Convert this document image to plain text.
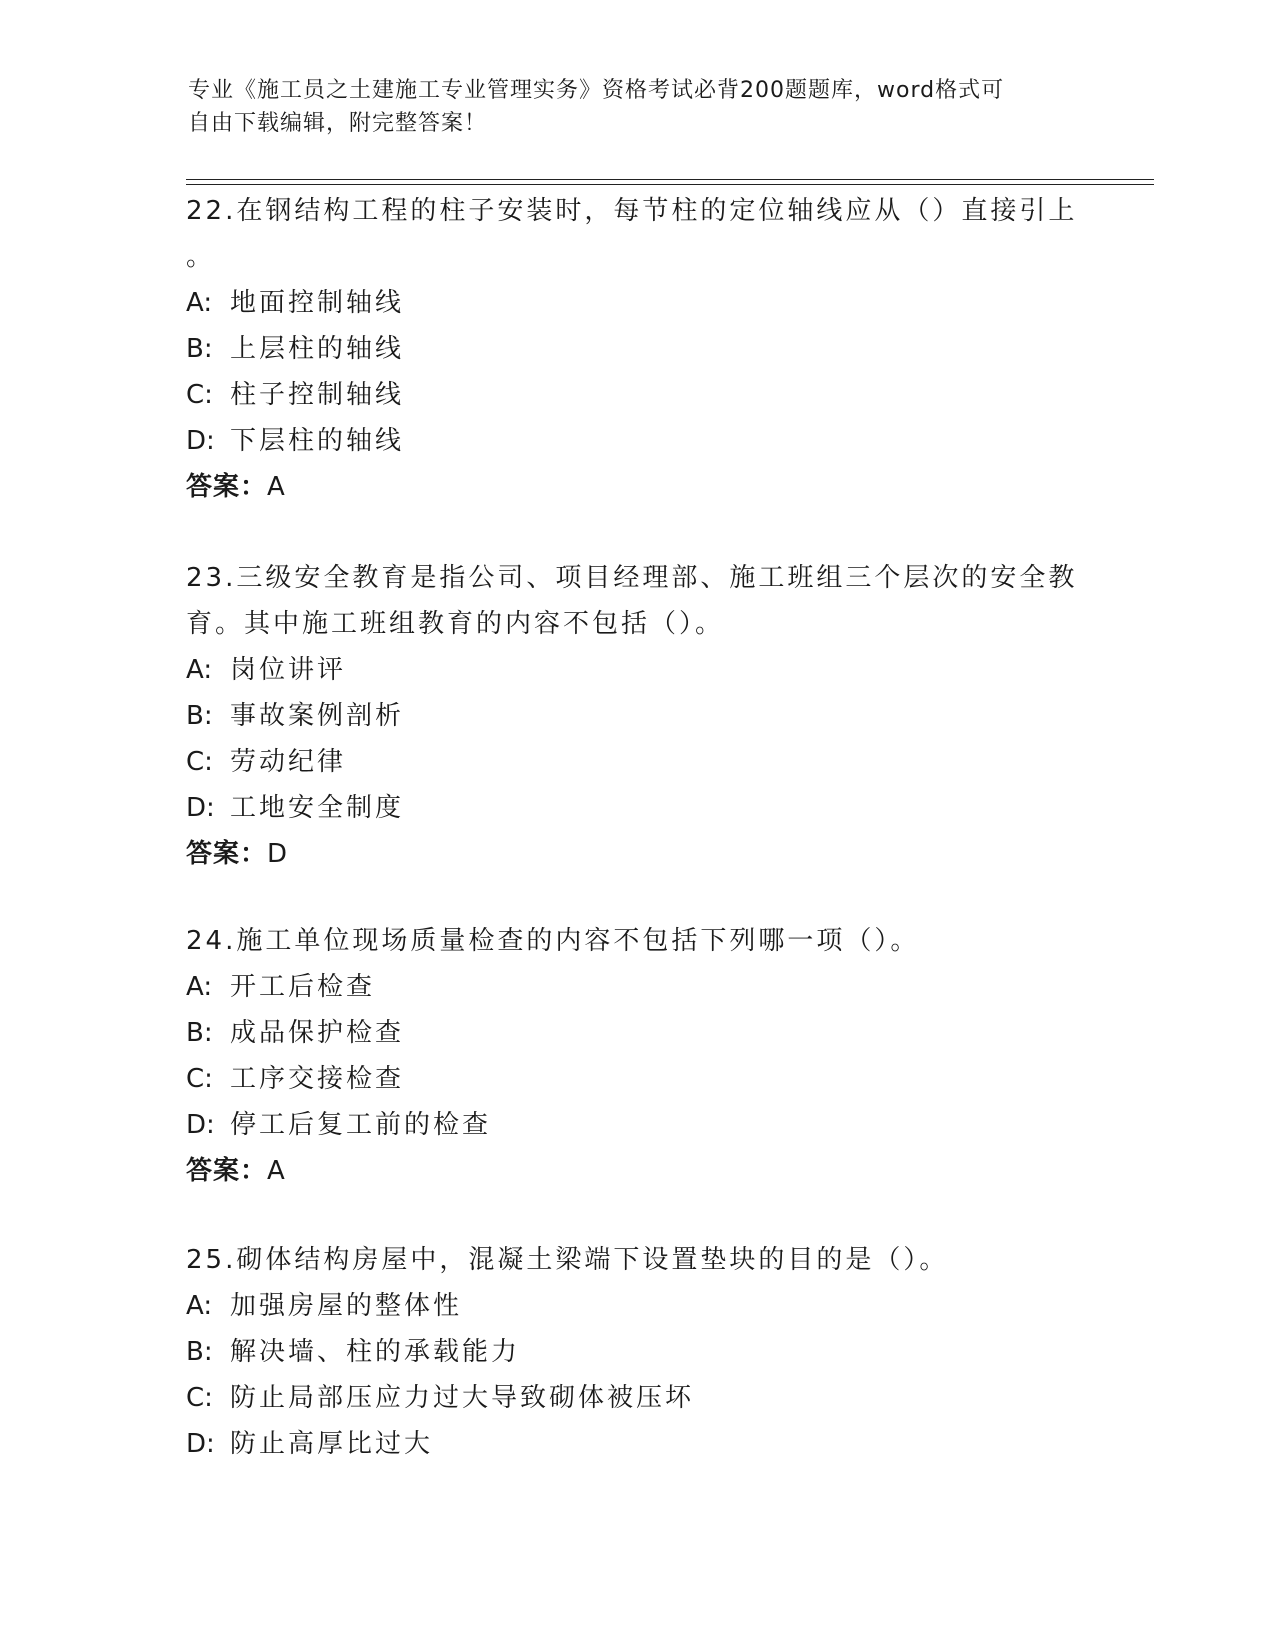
专业《施工员之土建施工专业管理实务》资格考试必背200题题库，word格式可
自由下载编辑，附完整答案！

22.在钢结构工程的柱子安装时，每节柱的定位轴线应从（）直接引上

。

A: 地面控制轴线

B: 上层柱的轴线

C: 柱子控制轴线

D: 下层柱的轴线

答案：A

23.三级安全教育是指公司、项目经理部、施工班组三个层次的安全教

育。其中施工班组教育的内容不包括（）。

A: 岗位讲评

B: 事故案例剖析

C: 劳动纪律

D: 工地安全制度

答案：D

24.施工单位现场质量检查的内容不包括下列哪一项（）。

A: 开工后检查

B: 成品保护检查

C: 工序交接检查

D: 停工后复工前的检查

答案：A

25.砌体结构房屋中，混凝土梁端下设置垫块的目的是（）。

A: 加强房屋的整体性

B: 解决墙、柱的承载能力

C: 防止局部压应力过大导致砌体被压坏

D: 防止高厚比过大
